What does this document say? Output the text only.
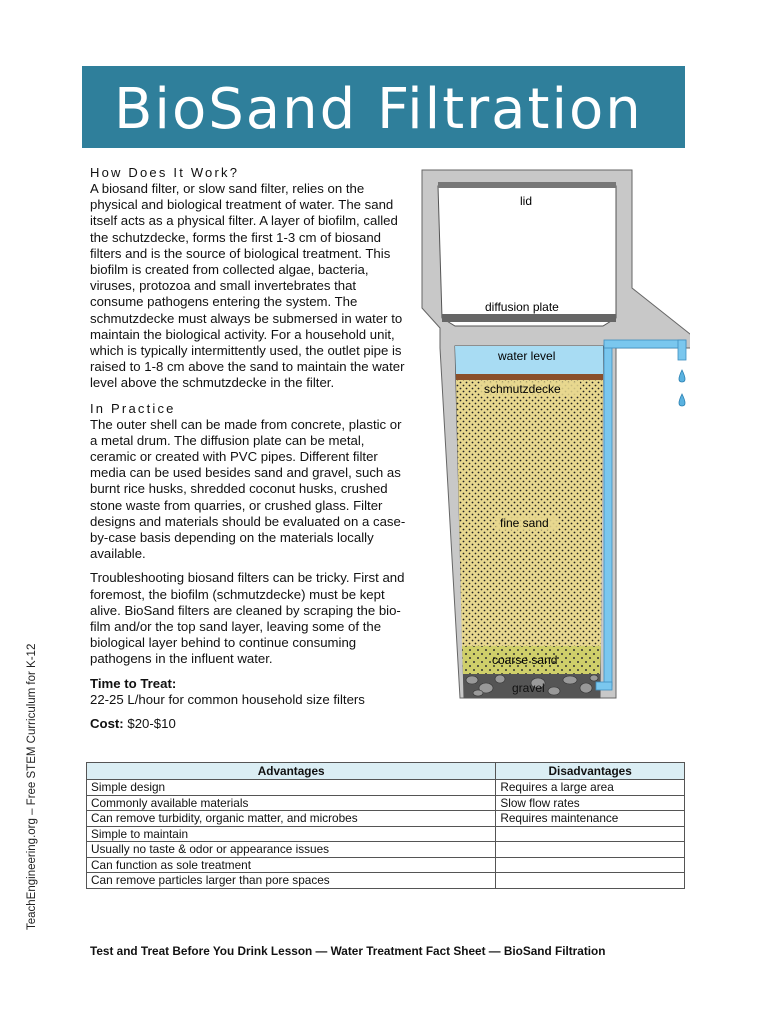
BioSand Filtration

How Does It Work?

A biosand filter, or slow sand filter, relies on the physical and biological treatment of water. The sand itself acts as a physical filter. A layer of biofilm, called the schutzdecke, forms the first 1-3 cm of biosand filters and is the source of biological treatment. This biofilm is created from collected algae, bacteria, viruses, protozoa and small invertebrates that consume pathogens entering the system. The schmutzdecke must always be submersed in water to maintain the biological activity. For a household unit, which is typically intermittently used, the outlet pipe is raised to 1-8 cm above the sand to maintain the water level above the schmutzdecke in the filter.

In Practice

The outer shell can be made from concrete, plastic or a metal drum. The diffusion plate can be metal, ceramic or created with PVC pipes. Different filter media can be used besides sand and gravel, such as burnt rice husks, shredded coconut husks, crushed stone waste from quarries, or crushed glass. Filter designs and materials should be evaluated on a case-by-case basis depending on the materials locally available.

Troubleshooting biosand filters can be tricky. First and foremost, the biofilm (schmutzdecke) must be kept alive. BioSand filters are cleaned by scraping the bio-film and/or the top sand layer, leaving some of the biological layer behind to continue consuming pathogens in the influent water.

Time to Treat:

22-25 L/hour for common household size filters

Cost: $20-$10

lid
diffusion plate
water level
schmutzdecke
fine sand
coarse sand
gravel
Advantages	Disadvantages
Simple design	Requires a large area
Commonly available materials	Slow flow rates
Can remove turbidity, organic matter, and microbes	Requires maintenance
Simple to maintain	
Usually no taste & odor or appearance issues	
Can function as sole treatment	
Can remove particles larger than pore spaces	
TeachEngineering.org – Free STEM Curriculum for K-12
Test and Treat Before You Drink Lesson — Water Treatment Fact Sheet — BioSand Filtration
